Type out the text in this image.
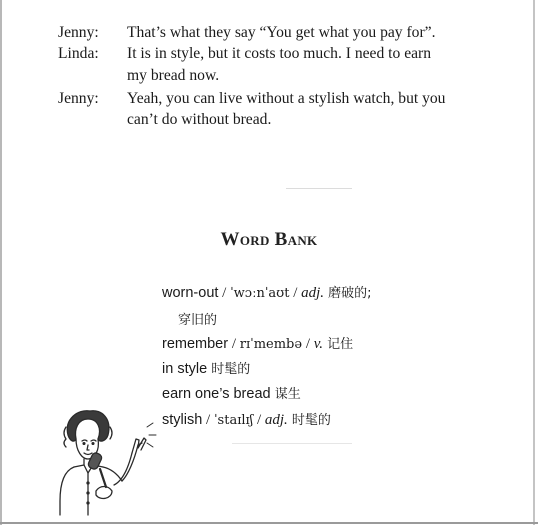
Jenny: That’s what they say “You get what you pay for”.
Linda: It is in style, but it costs too much. I need to earn
my bread now.
Jenny: Yeah, you can live without a stylish watch, but you
can’t do without bread.
Word Bank
worn-out / ˈwɔːnˈaʊt / adj. 磨破的;
穿旧的
remember / rɪˈmembə / v. 记住
in style 时髦的
earn one’s bread 谋生
stylish / ˈstaɪlɪʃ / adj. 时髦的
